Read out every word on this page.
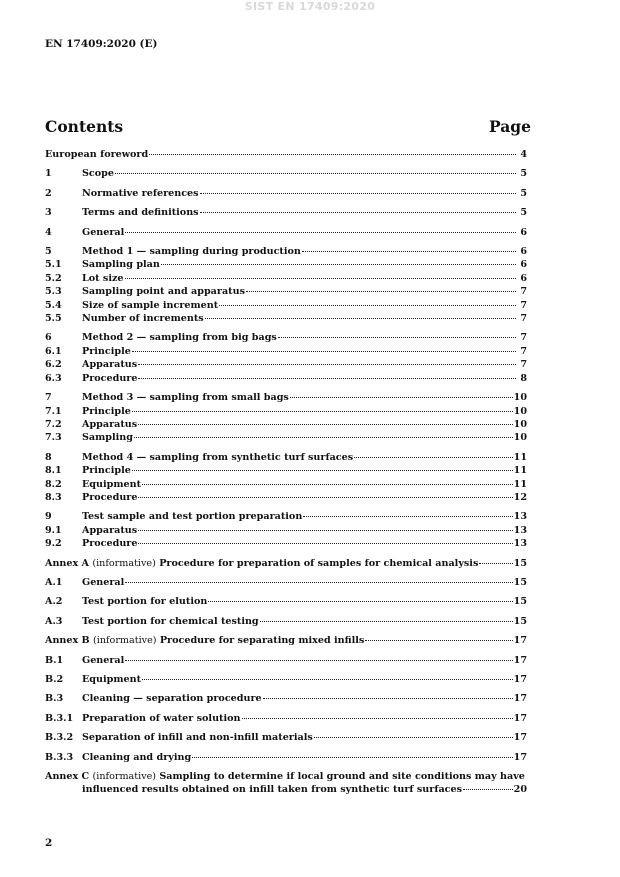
SIST EN 17409:2020
EN 17409:2020 (E)
Contents	Page
European foreword	4
1	Scope	5
2	Normative references	5
3	Terms and definitions	5
4	General	6
5	Method 1 — sampling during production	6
5.1	Sampling plan	6
5.2	Lot size	6
5.3	Sampling point and apparatus	7
5.4	Size of sample increment	7
5.5	Number of increments	7
6	Method 2 — sampling from big bags	7
6.1	Principle	7
6.2	Apparatus	7
6.3	Procedure	8
7	Method 3 — sampling from small bags	10
7.1	Principle	10
7.2	Apparatus	10
7.3	Sampling	10
8	Method 4 — sampling from synthetic turf surfaces	11
8.1	Principle	11
8.2	Equipment	11
8.3	Procedure	12
9	Test sample and test portion preparation	13
9.1	Apparatus	13
9.2	Procedure	13
Annex A (informative) Procedure for preparation of samples for chemical analysis	15
A.1	General	15
A.2	Test portion for elution	15
A.3	Test portion for chemical testing	15
Annex B (informative) Procedure for separating mixed infills	17
B.1	General	17
B.2	Equipment	17
B.3	Cleaning — separation procedure	17
B.3.1 Preparation of water solution	17
B.3.2 Separation of infill and non-infill materials	17
B.3.3 Cleaning and drying	17
Annex C (informative) Sampling to determine if local ground and site conditions may have
influenced results obtained on infill taken from synthetic turf surfaces	20
2
